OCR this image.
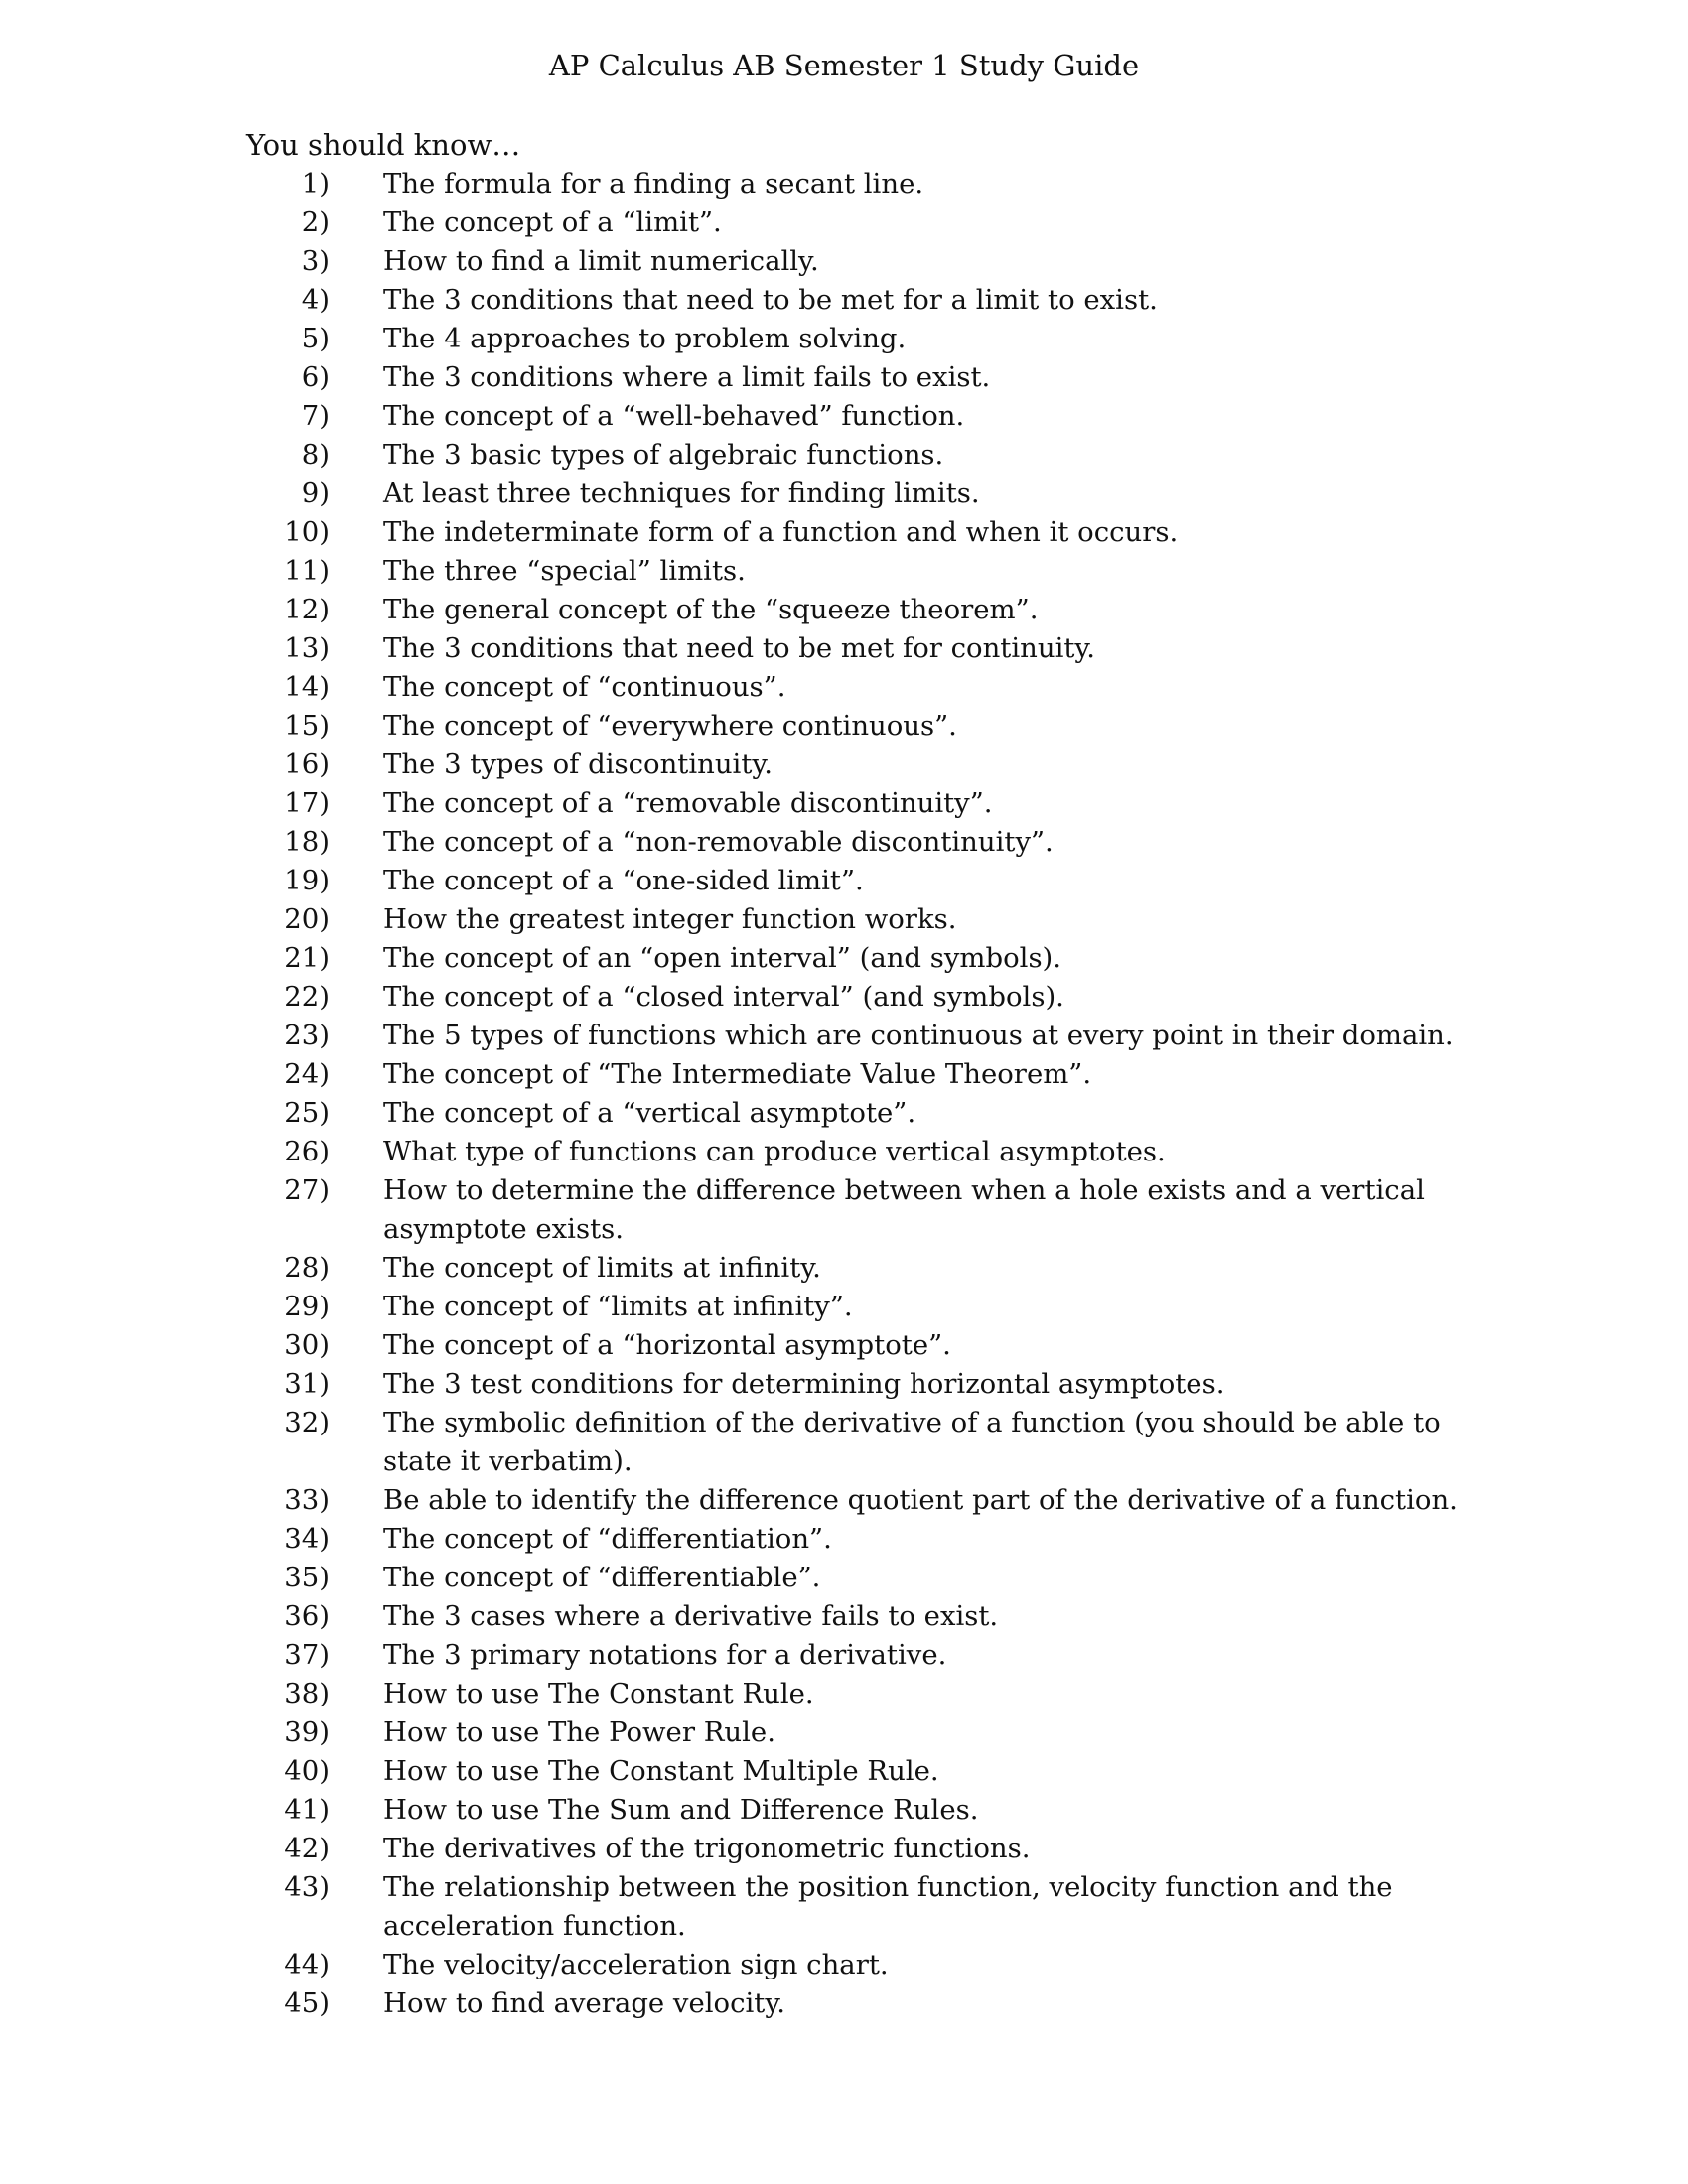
AP Calculus AB Semester 1 Study Guide
You should know…
1) The formula for a finding a secant line.
2) The concept of a “limit”.
3) How to find a limit numerically.
4) The 3 conditions that need to be met for a limit to exist.
5) The 4 approaches to problem solving.
6) The 3 conditions where a limit fails to exist.
7) The concept of a “well-behaved” function.
8) The 3 basic types of algebraic functions.
9) At least three techniques for finding limits.
10) The indeterminate form of a function and when it occurs.
11) The three “special” limits.
12) The general concept of the “squeeze theorem”.
13) The 3 conditions that need to be met for continuity.
14) The concept of “continuous”.
15) The concept of “everywhere continuous”.
16) The 3 types of discontinuity.
17) The concept of a “removable discontinuity”.
18) The concept of a “non-removable discontinuity”.
19) The concept of a “one-sided limit”.
20) How the greatest integer function works.
21) The concept of an “open interval” (and symbols).
22) The concept of a “closed interval” (and symbols).
23) The 5 types of functions which are continuous at every point in their domain.
24) The concept of “The Intermediate Value Theorem”.
25) The concept of a “vertical asymptote”.
26) What type of functions can produce vertical asymptotes.
27) How to determine the difference between when a hole exists and a vertical asymptote exists.
28) The concept of limits at infinity.
29) The concept of “limits at infinity”.
30) The concept of a “horizontal asymptote”.
31) The 3 test conditions for determining horizontal asymptotes.
32) The symbolic definition of the derivative of a function (you should be able to state it verbatim).
33) Be able to identify the difference quotient part of the derivative of a function.
34) The concept of “differentiation”.
35) The concept of “differentiable”.
36) The 3 cases where a derivative fails to exist.
37) The 3 primary notations for a derivative.
38) How to use The Constant Rule.
39) How to use The Power Rule.
40) How to use The Constant Multiple Rule.
41) How to use The Sum and Difference Rules.
42) The derivatives of the trigonometric functions.
43) The relationship between the position function, velocity function and the acceleration function.
44) The velocity/acceleration sign chart.
45) How to find average velocity.
